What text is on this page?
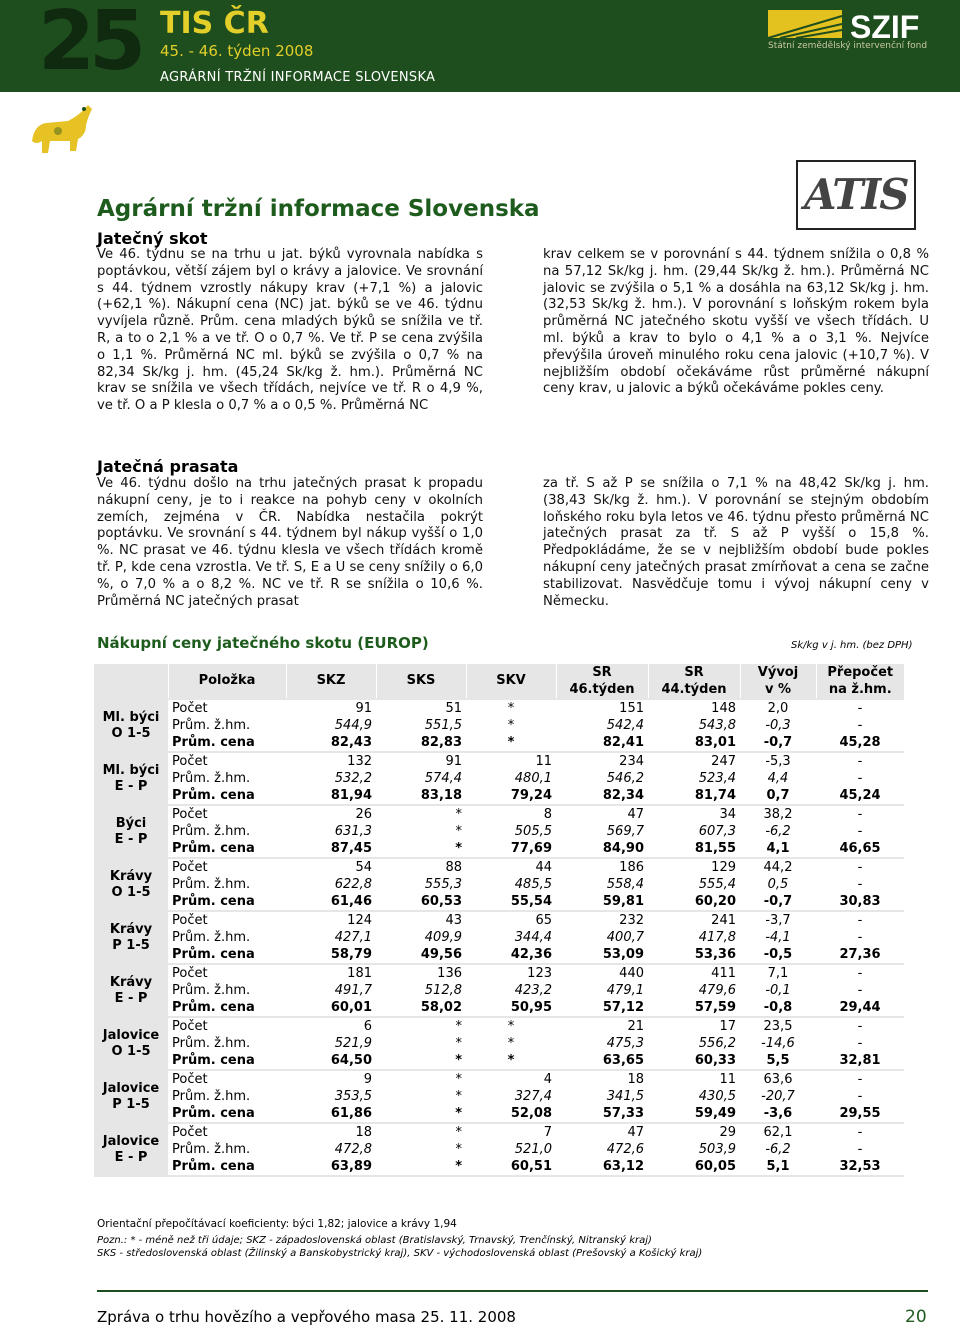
25 TIS ČR
45. - 46. týden 2008
AGRÁRNÍ TRŽNÍ INFORMACE SLOVENSKA
SZIF
Státní zemědělský intervenční fond
ATIS
Agrární tržní informace Slovenska
Jatečný skot

Ve 46. týdnu se na trhu u jat. býků vyrovnala nabídka s poptávkou, větší zájem byl o krávy a jalovice. Ve srovnání s 44. týdnem vzrostly nákupy krav (+7,1 %) a jalovic (+62,1 %). Nákupní cena (NC) jat. býků se ve 46. týdnu vyvíjela různě. Prům. cena mladých býků se snížila ve tř. R, a to o 2,1 % a ve tř. O o 0,7 %. Ve tř. P se cena zvýšila o 1,1 %. Průměrná NC ml. býků se zvýšila o 0,7 % na 82,34 Sk/kg j. hm. (45,24 Sk/kg ž. hm.). Průměrná NC krav se snížila ve všech třídách, nejvíce ve tř. R o 4,9 %, ve tř. O a P klesla o 0,7 % a o 0,5 %. Průměrná NC

krav celkem se v porovnání s 44. týdnem snížila o 0,8 % na 57,12 Sk/kg j. hm. (29,44 Sk/kg ž. hm.). Průměrná NC jalovic se zvýšila o 5,1 % a dosáhla na 63,12 Sk/kg j. hm. (32,53 Sk/kg ž. hm.). V porovnání s loňským rokem byla průměrná NC jatečného skotu vyšší ve všech třídách. U ml. býků a krav to bylo o 4,1 % a o 3,1 %. Nejvíce převýšila úroveň minulého roku cena jalovic (+10,7 %). V nejbližším období očekáváme růst průměrné nákupní ceny krav, u jalovic a býků očekáváme pokles ceny.

Jatečná prasata

Ve 46. týdnu došlo na trhu jatečných prasat k propadu nákupní ceny, je to i reakce na pohyb ceny v okolních zemích, zejména v ČR. Nabídka nestačila pokrýt poptávku. Ve srovnání s 44. týdnem byl nákup vyšší o 1,0 %. NC prasat ve 46. týdnu klesla ve všech třídách kromě tř. P, kde cena vzrostla. Ve tř. S, E a U se ceny snížily o 6,0 %, o 7,0 % a o 8,2 %. NC ve tř. R se snížila o 10,6 %. Průměrná NC jatečných prasat

za tř. S až P se snížila o 7,1 % na 48,42 Sk/kg j. hm. (38,43 Sk/kg ž. hm.). V porovnání se stejným obdobím loňského roku byla letos ve 46. týdnu přesto průměrná NC jatečných prasat za tř. S až P vyšší o 15,8 %. Předpokládáme, že se v nejbližším období bude pokles nákupní ceny jatečných prasat zmírňovat a cena se začne stabilizovat. Nasvědčuje tomu i vývoj nákupní ceny v Německu.

Nákupní ceny jatečného skotu (EUROP)	Sk/kg v j. hm. (bez DPH)
	Položka	SKZ	SKS	SKV	SR	SR	Vývoj	Přepočet
					46.týden	44.týden	v %	na ž.hm.

Ml. býci
O 1-5	Počet	91	51	*	151	148	2,0	-
	Prům. ž.hm.	544,9	551,5	*	542,4	543,8	-0,3	-
	Prům. cena	82,43	82,83	*	82,41	83,01	-0,7	45,28

Ml. býci
E - P	Počet	132	91	11	234	247	-5,3	-
	Prům. ž.hm.	532,2	574,4	480,1	546,2	523,4	4,4	-
	Prům. cena	81,94	83,18	79,24	82,34	81,74	0,7	45,24

Býci
E - P	Počet	26	*	8	47	34	38,2	-
	Prům. ž.hm.	631,3	*	505,5	569,7	607,3	-6,2	-
	Prům. cena	87,45	*	77,69	84,90	81,55	4,1	46,65

Krávy
O 1-5	Počet	54	88	44	186	129	44,2	-
	Prům. ž.hm.	622,8	555,3	485,5	558,4	555,4	0,5	-
	Prům. cena	61,46	60,53	55,54	59,81	60,20	-0,7	30,83

Krávy
P 1-5	Počet	124	43	65	232	241	-3,7	-
	Prům. ž.hm.	427,1	409,9	344,4	400,7	417,8	-4,1	-
	Prům. cena	58,79	49,56	42,36	53,09	53,36	-0,5	27,36

Krávy
E - P	Počet	181	136	123	440	411	7,1	-
	Prům. ž.hm.	491,7	512,8	423,2	479,1	479,6	-0,1	-
	Prům. cena	60,01	58,02	50,95	57,12	57,59	-0,8	29,44

Jalovice
O 1-5	Počet	6	*	*	21	17	23,5	-
	Prům. ž.hm.	521,9	*	*	475,3	556,2	-14,6	-
	Prům. cena	64,50	*	*	63,65	60,33	5,5	32,81

Jalovice
P 1-5	Počet	9	*	4	18	11	63,6	-
	Prům. ž.hm.	353,5	*	327,4	341,5	430,5	-20,7	-
	Prům. cena	61,86	*	52,08	57,33	59,49	-3,6	29,55

Jalovice
E - P	Počet	18	*	7	47	29	62,1	-
	Prům. ž.hm.	472,8	*	521,0	472,6	503,9	-6,2	-
	Prům. cena	63,89	*	60,51	63,12	60,05	5,1	32,53

Orientační přepočítávací koeficienty: býci 1,82; jalovice a krávy 1,94
Pozn.: * - méně než tři údaje; SKZ - západoslovenská oblast (Bratislavský, Trnavský, Trenčínský, Nitranský kraj)
SKS - středoslovenská oblast (Žilinský a Banskobystrický kraj), SKV - východoslovenská oblast (Prešovský a Košický kraj)
Zpráva o trhu hovězího a vepřového masa 25. 11. 2008	20
